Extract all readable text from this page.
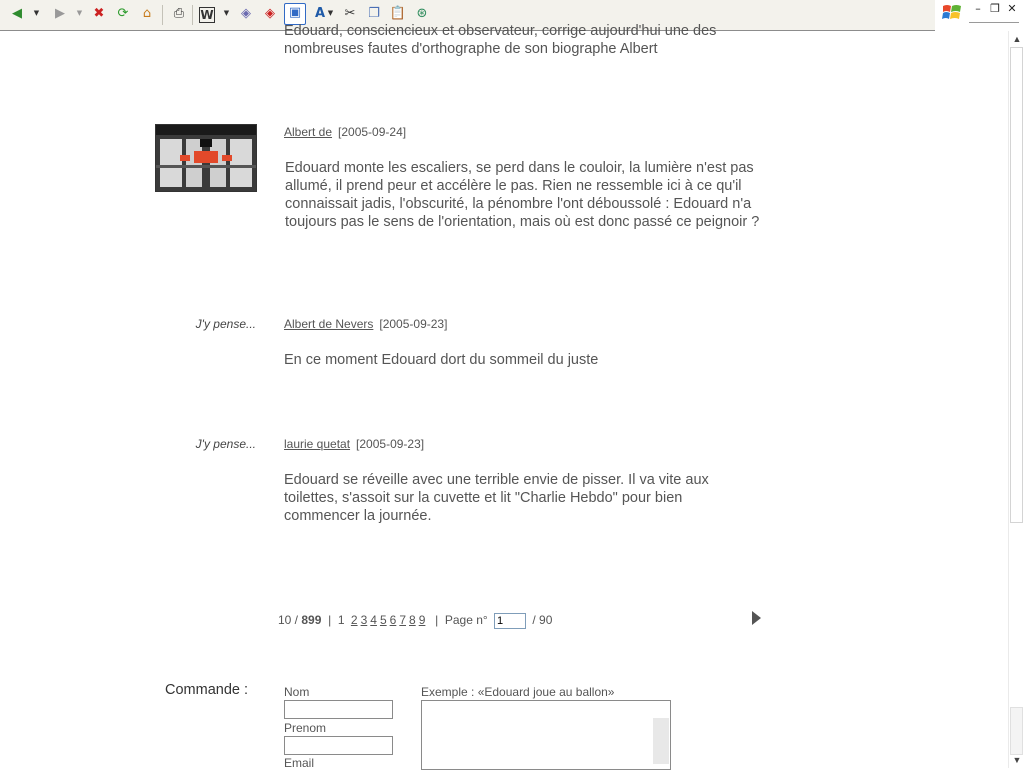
◀	▼	▶	▼ ✖ ⟳	⌂	⎙	W ▼ ◈	◈	▣	A ▼ ✂ ❐ 📋 ⊛	– ❐ ✕
Edouard, consciencieux et observateur, corrige aujourd'hui une des nombreuses fautes d'orthographe de son biographe Albert
Albert de [2005-09-24]
Edouard monte les escaliers, se perd dans le couloir, la lumière n'est pas allumé, il prend peur et accélère le pas. Rien ne ressemble ici à ce qu'il connaissait jadis, l'obscurité, la pénombre l'ont déboussolé : Edouard n'a toujours pas le sens de l'orientation, mais où est donc passé ce peignoir ?
J'y pense... Albert de Nevers [2005-09-23]
En ce moment Edouard dort du sommeil du juste
J'y pense... laurie quetat [2005-09-23]
Edouard se réveille avec une terrible envie de pisser. Il va vite aux toilettes, s'assoit sur la cuvette et lit "Charlie Hebdo" pour bien commencer la journée.
10 / 899 | 1 2 3 4 5 6 7 8 9 | Page n° 1 / 90
Commande :	Nom
Prenom
Email
Exemple : «Edouard joue au ballon»
▲
▼
